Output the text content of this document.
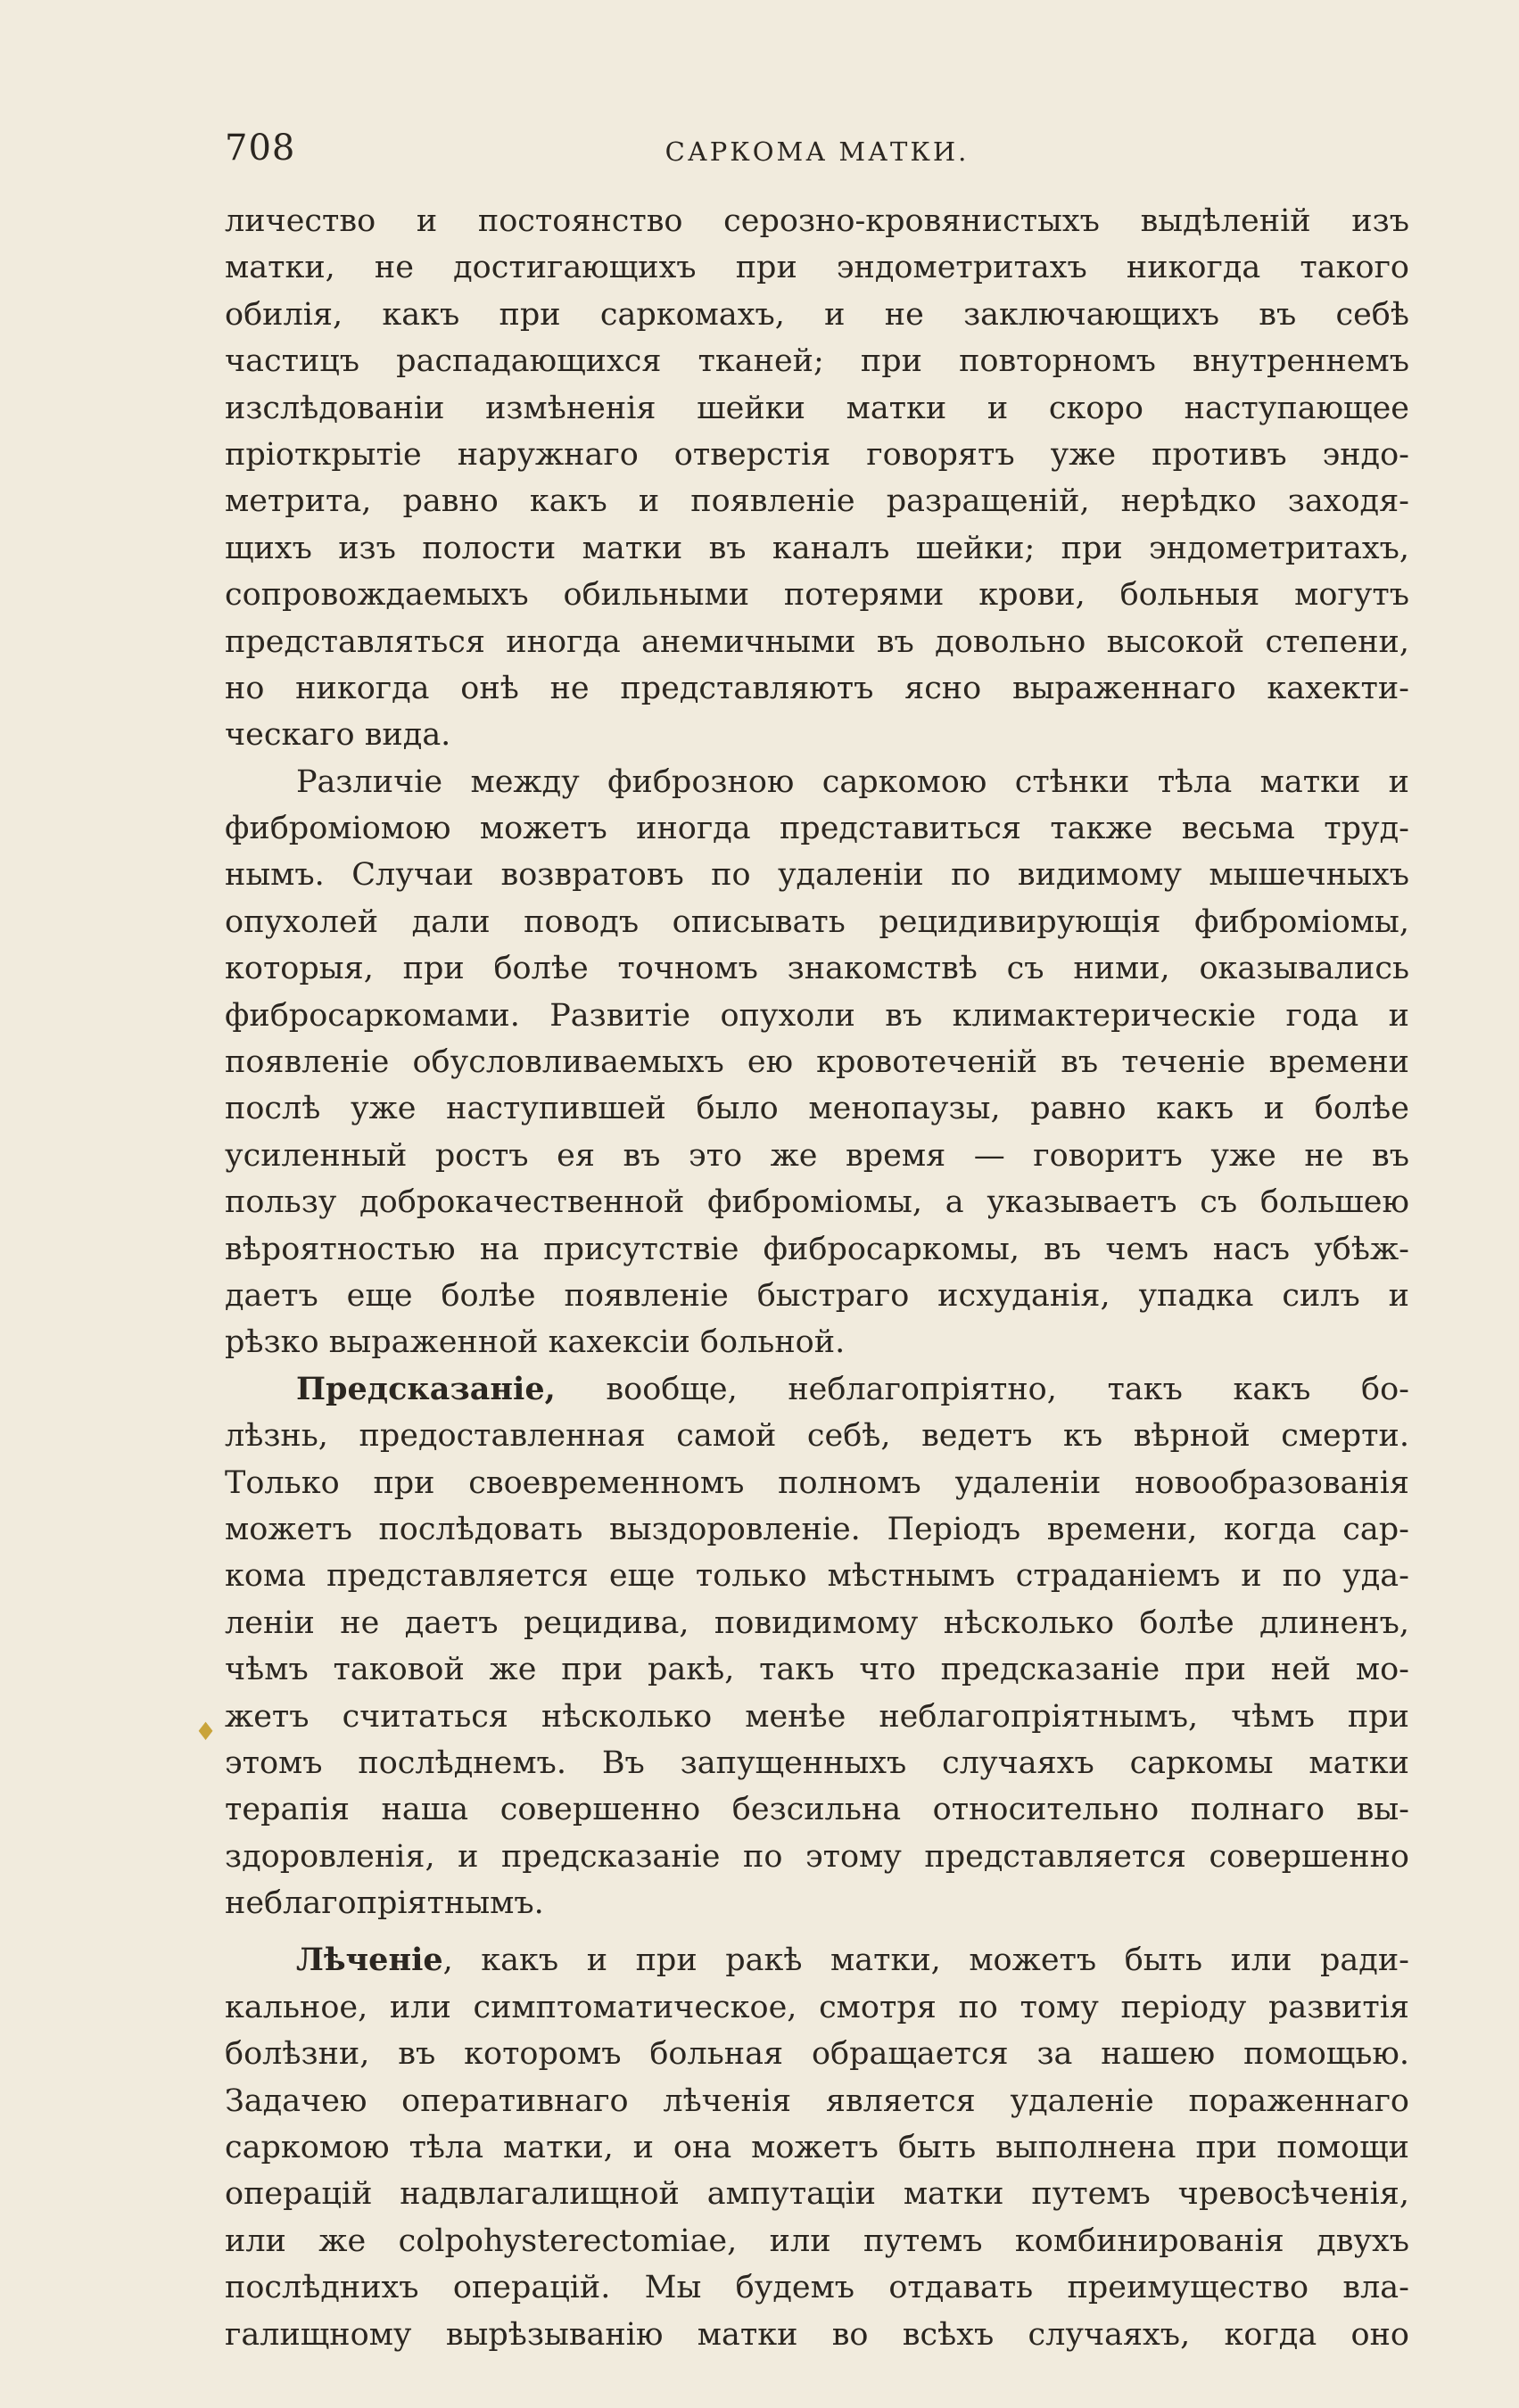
708	САРКОМА МАТКИ.
♦
личество и постоянство серозно-кровянистыхъ выдѣленій изъ
матки, не достигающихъ при эндометритахъ никогда такого
обилія, какъ при саркомахъ, и не заключающихъ въ себѣ
частицъ распадающихся тканей; при повторномъ внутреннемъ
изслѣдованіи измѣненія шейки матки и скоро наступающее
пріоткрытіе наружнаго отверстія говорятъ уже противъ эндо-
метрита, равно какъ и появленіе разращеній, нерѣдко заходя-
щихъ изъ полости матки въ каналъ шейки; при эндометритахъ,
сопровождаемыхъ обильными потерями крови, больныя могутъ
представляться иногда анемичными въ довольно высокой степени,
но никогда онѣ не представляютъ ясно выраженнаго кахекти-
ческаго вида.
Различіе между фиброзною саркомою стѣнки тѣла матки и
фиброміомою можетъ иногда представиться также весьма труд-
нымъ. Случаи возвратовъ по удаленіи по видимому мышечныхъ
опухолей дали поводъ описывать рецидивирующія фиброміомы,
которыя, при болѣе точномъ знакомствѣ съ ними, оказывались
фибросаркомами. Развитіе опухоли въ климактерическіе года и
появленіе обусловливаемыхъ ею кровотеченій въ теченіе времени
послѣ уже наступившей было менопаузы, равно какъ и болѣе
усиленный ростъ ея въ это же время — говоритъ уже не въ
пользу доброкачественной фиброміомы, а указываетъ съ большею
вѣроятностью на присутствіе фибросаркомы, въ чемъ насъ убѣж-
даетъ еще болѣе появленіе быстраго исхуданія, упадка силъ и
рѣзко выраженной кахексіи больной.
Предсказаніе, вообще, неблагопріятно, такъ какъ бо-
лѣзнь, предоставленная самой себѣ, ведетъ къ вѣрной смерти.
Только при своевременномъ полномъ удаленіи новообразованія
можетъ послѣдовать выздоровленіе. Періодъ времени, когда сар-
кома представляется еще только мѣстнымъ страданіемъ и по уда-
леніи не даетъ рецидива, повидимому нѣсколько болѣе длиненъ,
чѣмъ таковой же при ракѣ, такъ что предсказаніе при ней мо-
жетъ считаться нѣсколько менѣе неблагопріятнымъ, чѣмъ при
этомъ послѣднемъ. Въ запущенныхъ случаяхъ саркомы матки
терапія наша совершенно безсильна относительно полнаго вы-
здоровленія, и предсказаніе по этому представляется совершенно
неблагопріятнымъ.
Лѣченіе, какъ и при ракѣ матки, можетъ быть или ради-
кальное, или симптоматическое, смотря по тому періоду развитія
болѣзни, въ которомъ больная обращается за нашею помощью.
Задачею оперативнаго лѣченія является удаленіе пораженнаго
саркомою тѣла матки, и она можетъ быть выполнена при помощи
операцій надвлагалищной ампутаціи матки путемъ чревосѣченія,
или же colpohysterectomiae, или путемъ комбинированія двухъ
послѣднихъ операцій. Мы будемъ отдавать преимущество вла-
галищному вырѣзыванію матки во всѣхъ случаяхъ, когда оно
